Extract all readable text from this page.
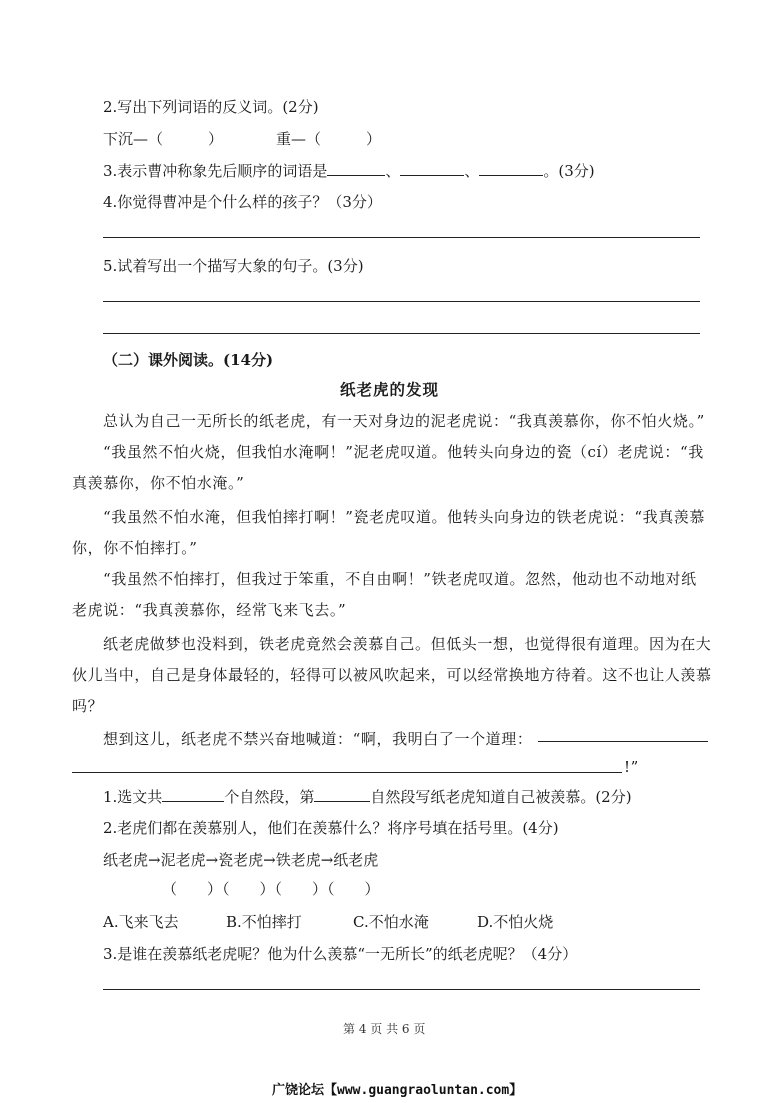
2.写出下列词语的反义词。(2分)
下沉—（　　　）	重—（　　　）
3.表示曹冲称象先后顺序的词语是	、	、	。(3分)
4.你觉得曹冲是个什么样的孩子？（3分）
5.试着写出一个描写大象的句子。(3分)
（二）课外阅读。(14分)
纸老虎的发现
总认为自己一无所长的纸老虎，有一天对身边的泥老虎说：“我真羡慕你，你不怕火烧。”
“我虽然不怕火烧，但我怕水淹啊！”泥老虎叹道。他转头向身边的瓷（cí）老虎说：“我
真羡慕你，你不怕水淹。”
“我虽然不怕水淹，但我怕摔打啊！”瓷老虎叹道。他转头向身边的铁老虎说：“我真羡慕
你，你不怕摔打。”
“我虽然不怕摔打，但我过于笨重，不自由啊！”铁老虎叹道。忽然，他动也不动地对纸
老虎说：“我真羡慕你，经常飞来飞去。”
纸老虎做梦也没料到，铁老虎竟然会羡慕自己。但低头一想，也觉得很有道理。因为在大
伙儿当中，自己是身体最轻的，轻得可以被风吹起来，可以经常换地方待着。这不也让人羡慕
吗？
想到这儿，纸老虎不禁兴奋地喊道：“啊，我明白了一个道理：
!”
1.选文共	个自然段，第	自然段写纸老虎知道自己被羡慕。(2分)
2.老虎们都在羡慕别人，他们在羡慕什么？将序号填在括号里。(4分)
纸老虎→泥老虎→瓷老虎→铁老虎→纸老虎
（　　）（　　）（　　）（　　）
A.飞来飞去	B.不怕摔打	C.不怕水淹	D.不怕火烧
3.是谁在羡慕纸老虎呢？他为什么羡慕“一无所长”的纸老虎呢？（4分）
第 4 页 共 6 页
广饶论坛【www.guangraoluntan.com】
